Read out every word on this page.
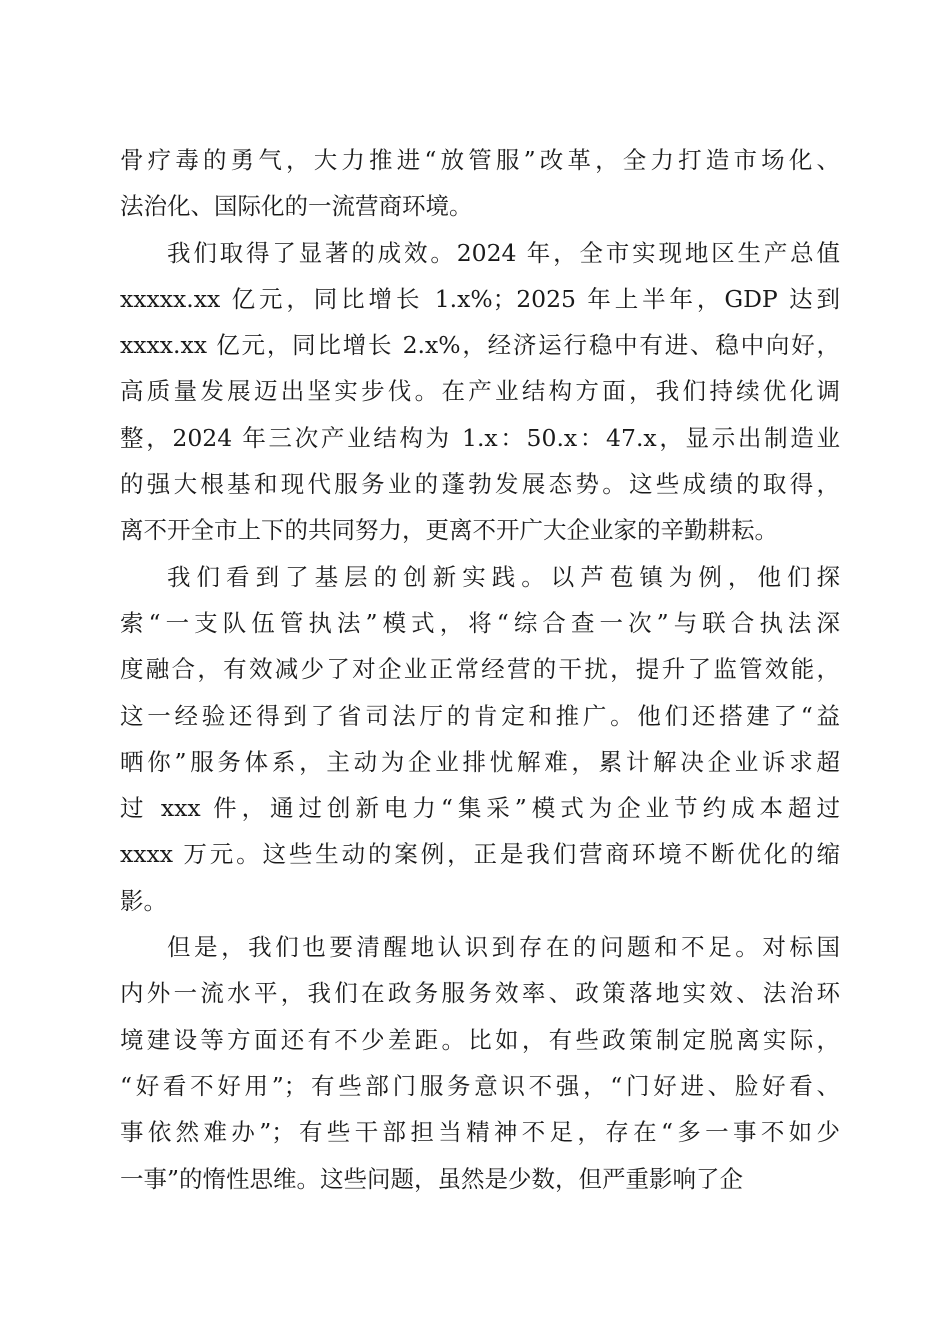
骨疗毒的勇气，大力推进“放管服”改革，全力打造市场化、
法治化、国际化的一流营商环境。
我们取得了显著的成效。2024 年，全市实现地区生产总值
xxxxx.xx 亿元，同比增长 1.x%；2025 年上半年，GDP 达到
xxxx.xx 亿元，同比增长 2.x%，经济运行稳中有进、稳中向好，
高质量发展迈出坚实步伐。在产业结构方面，我们持续优化调
整，2024 年三次产业结构为 1.x：50.x：47.x，显示出制造业
的强大根基和现代服务业的蓬勃发展态势。这些成绩的取得，
离不开全市上下的共同努力，更离不开广大企业家的辛勤耕耘。
我们看到了基层的创新实践。以芦苞镇为例，他们探
索“一支队伍管执法”模式，将“综合查一次”与联合执法深
度融合，有效减少了对企业正常经营的干扰，提升了监管效能，
这一经验还得到了省司法厅的肯定和推广。他们还搭建了“益
晒你”服务体系，主动为企业排忧解难，累计解决企业诉求超
过 xxx 件，通过创新电力“集采”模式为企业节约成本超过
xxxx 万元。这些生动的案例，正是我们营商环境不断优化的缩
影。
但是，我们也要清醒地认识到存在的问题和不足。对标国
内外一流水平，我们在政务服务效率、政策落地实效、法治环
境建设等方面还有不少差距。比如，有些政策制定脱离实际，
“好看不好用”；有些部门服务意识不强，“门好进、脸好看、
事依然难办”；有些干部担当精神不足，存在“多一事不如少
一事”的惰性思维。这些问题，虽然是少数，但严重影响了企
